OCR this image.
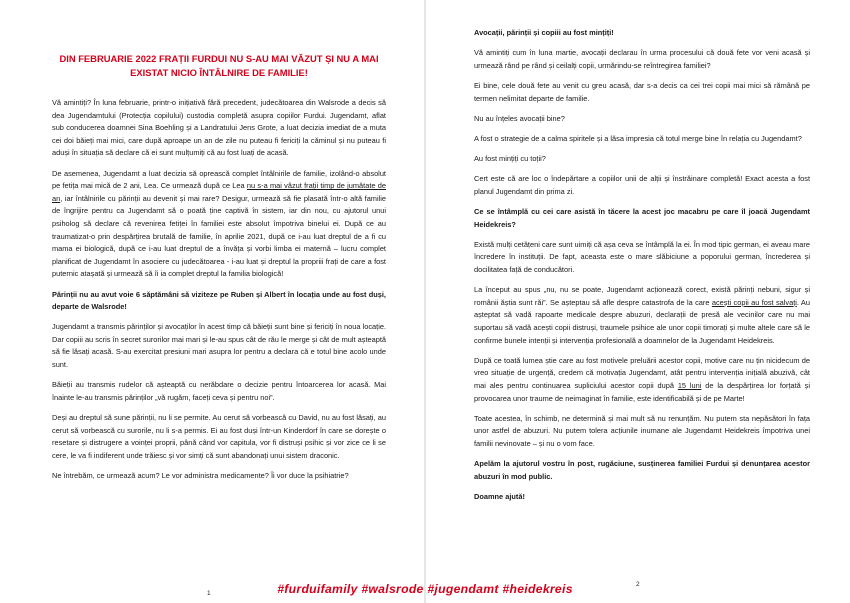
DIN FEBRUARIE 2022 FRAȚII FURDUI NU S-AU MAI VĂZUT ȘI NU A MAI EXISTAT NICIO ÎNTÂLNIRE DE FAMILIE!

Vă amintiți? În luna februarie, printr-o inițiativă fără precedent, judecătoarea din Walsrode a decis să dea Jugendamtului (Protecția copilului) custodia completă asupra copiilor Furdui. Jugendamt, aflat sub conducerea doamnei Sina Boehling și a Landratului Jens Grote, a luat decizia imediat de a muta cei doi băieți mai mici, care după aproape un an de zile nu puteau fi fericiți la căminul și nu puteau fi aduși în situația să declare că ei sunt mulțumiți că au fost luați de acasă.

De asemenea, Jugendamt a luat decizia să oprească complet întâlnirile de familie, izolând-o absolut pe fetița mai mică de 2 ani, Lea. Ce urmează după ce Lea nu s-a mai văzut frații timp de jumătate de an, iar întâlnirile cu părinții au devenit și mai rare? Desigur, urmează să fie plasată într-o altă familie de îngrijire pentru ca Jugendamt să o poată ține captivă în sistem, iar din nou, cu ajutorul unui psiholog să declare că revenirea fetiței în familiei este absolut împotriva binelui ei. După ce au traumatizat-o prin despărțirea brutală de familie, în aprilie 2021, după ce i-au luat dreptul de a fi cu mama ei biologică, după ce i-au luat dreptul de a învăța și vorbi limba ei maternă – lucru complet planificat de Jugendamt în asociere cu judecătoarea - i-au luat și dreptul la propriii frați de care a fost puternic atașată și urmează să îi ia complet dreptul la familia biologică!

Părinții nu au avut voie 6 săptămâni să viziteze pe Ruben și Albert în locația unde au fost duși, departe de Walsrode!

Jugendamt a transmis părinților și avocaților în acest timp că băieții sunt bine și fericiți în noua locație. Dar copiii au scris în secret surorilor mai mari și le-au spus cât de rău le merge și cât de mult așteaptă să fie lăsați acasă. S-au exercitat presiuni mari asupra lor pentru a declara că e totul bine acolo unde sunt.

Băieții au transmis rudelor că așteaptă cu nerăbdare o decizie pentru întoarcerea lor acasă. Mai înainte le-au transmis părinților „vă rugăm, faceți ceva și pentru noi”.

Deși au dreptul să sune părinții, nu li se permite. Au cerut să vorbească cu David, nu au fost lăsați, au cerut să vorbească cu surorile, nu li s-a permis. Ei au fost duși într-un Kinderdorf în care se dorește o resetare și distrugere a voinței proprii, până când vor capitula, vor fi distruși psihic și vor zice ce li se cere, le va fi indiferent unde trăiesc și vor simți că sunt abandonați unui sistem draconic.

Ne întrebăm, ce urmează acum? Le vor administra medicamente? Îi vor duce la psihiatrie?

1

Avocații, părinții și copiii au fost mințiți!

Vă amintiți cum în luna martie, avocații declarau în urma procesului că două fete vor veni acasă și urmează rând pe rând și ceilalți copii, urmărindu-se reîntregirea familiei?

Ei bine, cele două fete au venit cu greu acasă, dar s-a decis ca cei trei copii mai mici să rămână pe termen nelimitat departe de familie.

Nu au înțeles avocații bine?

A fost o strategie de a calma spiritele și a lăsa impresia că totul merge bine în relația cu Jugendamt?

Au fost mințiți cu toții?

Cert este că are loc o îndepărtare a copiilor unii de alții și înstrăinare completă! Exact acesta a fost planul Jugendamt din prima zi.

Ce se întâmplă cu cei care asistă în tăcere la acest joc macabru pe care îl joacă Jugendamt Heidekreis?

Există mulți cetățeni care sunt uimiți că așa ceva se întâmplă la ei. În mod tipic german, ei aveau mare încredere în instituții. De fapt, aceasta este o mare slăbiciune a poporului german, încrederea și docilitatea față de conducători.

La început au spus „nu, nu se poate, Jugendamt acționează corect, există părinți nebuni, sigur și românii ăștia sunt răi”. Se așteptau să afle despre catastrofa de la care acești copii au fost salvați. Au așteptat să vadă rapoarte medicale despre abuzuri, declarații de presă ale vecinilor care nu mai suportau să vadă acești copii distruși, traumele psihice ale unor copii timorați și multe altele care să le confirme bunele intenții și intervenția profesională a doamnelor de la Jugendamt Heidekreis.

După ce toată lumea știe care au fost motivele preluării acestor copii, motive care nu țin nicidecum de vreo situație de urgență, credem că motivația Jugendamt, atât pentru intervenția inițială abuzivă, cât mai ales pentru continuarea supliciului acestor copii după 15 luni de la despărțirea lor forțată și provocarea unor traume de neimaginat în familie, este identificabilă și de pe Marte!

Toate acestea, în schimb, ne determină și mai mult să nu renunțăm. Nu putem sta nepăsători în fața unor astfel de abuzuri. Nu putem tolera acțiunile inumane ale Jugendamt Heidekreis împotriva unei familii nevinovate – și nu o vom face.

Apelăm la ajutorul vostru în post, rugăciune, susținerea familiei Furdui și denunțarea acestor abuzuri în mod public.

Doamne ajută!

2
#furduifamily #walsrode #jugendamt #heidekreis
